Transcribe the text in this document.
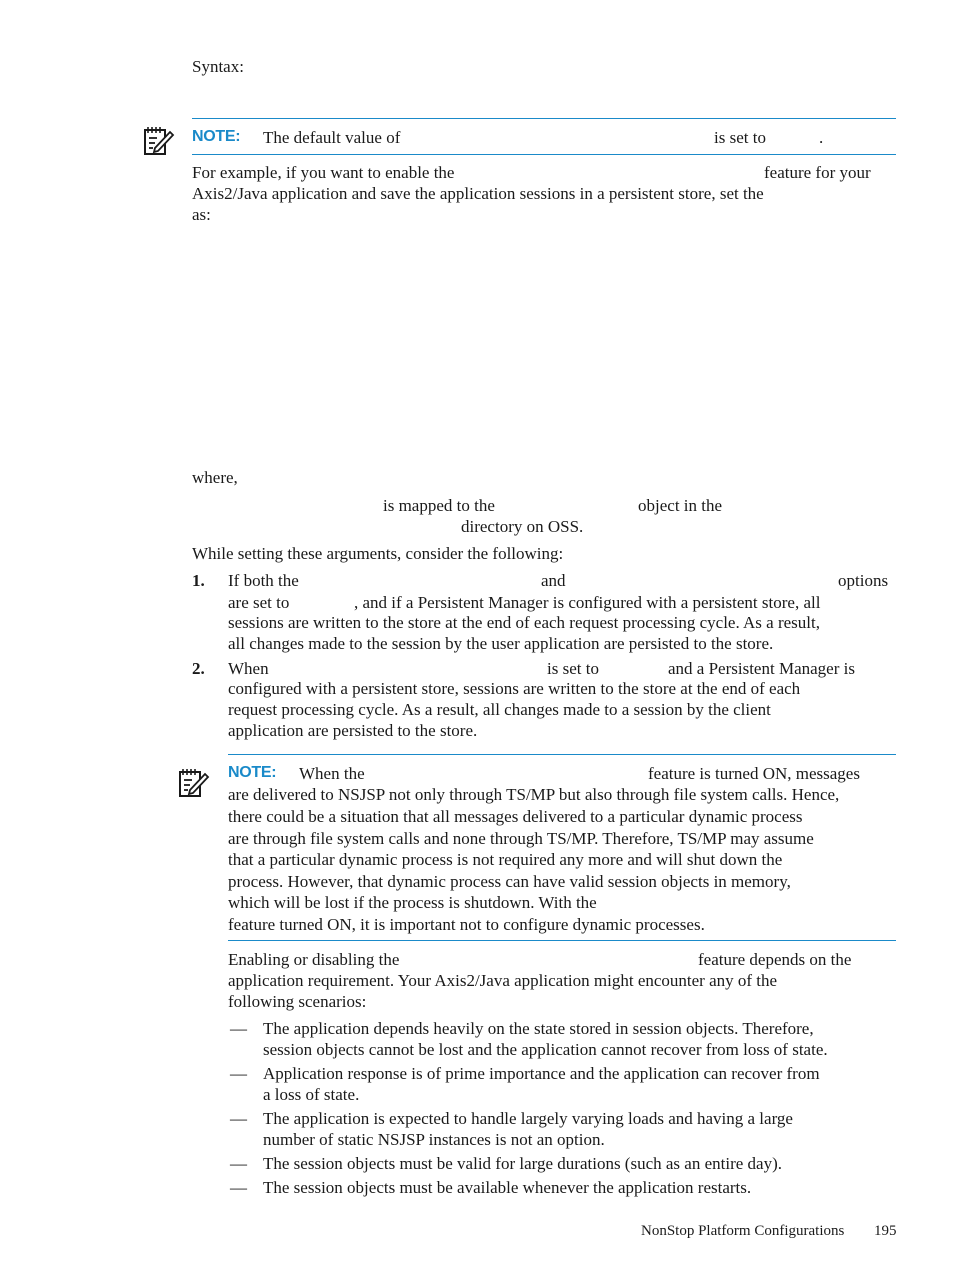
Syntax:
NOTE: The default value of	is set to	.
For example, if you want to enable the	feature for your
Axis2/Java application and save the application sessions in a persistent store, set the
as:
where,
is mapped to the	object in the
directory on OSS.
While setting these arguments, consider the following:
1. If both the	and	options
are set to	, and if a Persistent Manager is configured with a persistent store, all
sessions are written to the store at the end of each request processing cycle. As a result,
all changes made to the session by the user application are persisted to the store.
2. When	is set to	and a Persistent Manager is
configured with a persistent store, sessions are written to the store at the end of each
request processing cycle. As a result, all changes made to a session by the client
application are persisted to the store.
NOTE: When the	feature is turned ON, messages
are delivered to NSJSP not only through TS/MP but also through file system calls. Hence,
there could be a situation that all messages delivered to a particular dynamic process
are through file system calls and none through TS/MP. Therefore, TS/MP may assume
that a particular dynamic process is not required any more and will shut down the
process. However, that dynamic process can have valid session objects in memory,
which will be lost if the process is shutdown. With the
feature turned ON, it is important not to configure dynamic processes.
Enabling or disabling the	feature depends on the
application requirement. Your Axis2/Java application might encounter any of the
following scenarios:
— The application depends heavily on the state stored in session objects. Therefore,
session objects cannot be lost and the application cannot recover from loss of state.
— Application response is of prime importance and the application can recover from
a loss of state.
— The application is expected to handle largely varying loads and having a large
number of static NSJSP instances is not an option.
— The session objects must be valid for large durations (such as an entire day).
— The session objects must be available whenever the application restarts.
NonStop Platform Configurations 195
